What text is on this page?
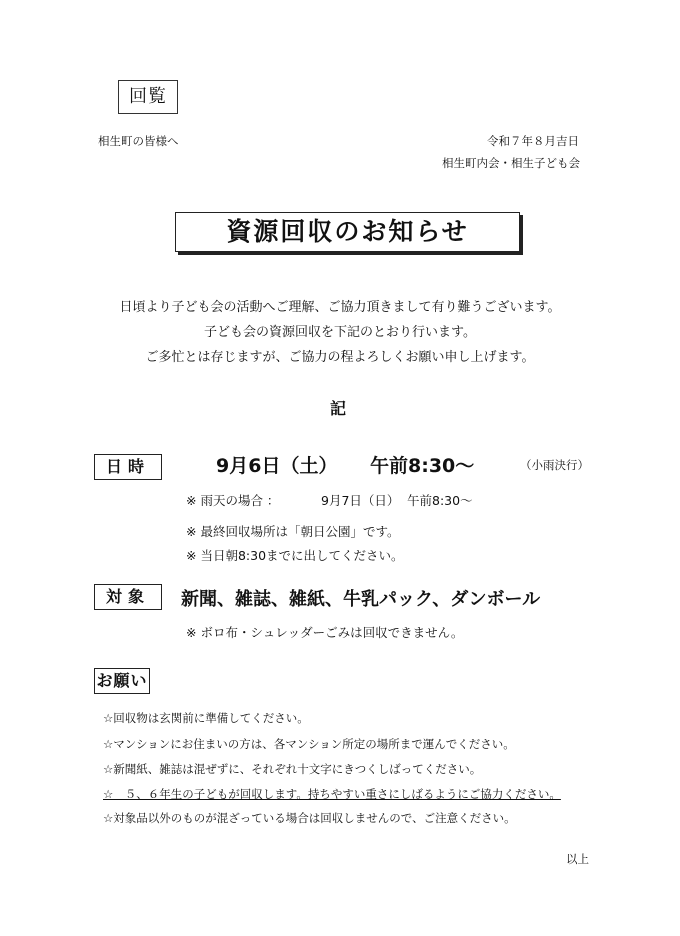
回覧
相生町の皆様へ	令和７年８月吉日
相生町内会・相生子ども会
資源回収のお知らせ
日頃より子ども会の活動へご理解、ご協力頂きまして有り難うございます。
子ども会の資源回収を下記のとおり行います。
ご多忙とは存じますが、ご協力の程よろしくお願い申し上げます。
記
日時	9月6日（土） 午前8:30～	（小雨決行）
※ 雨天の場合 ：	9月7日（日） 午前8:30～
※ 最終回収場所は「朝日公園」です。
※ 当日朝8:30までに出してください。
対象	新聞、雑誌、雑紙、牛乳パック、ダンボール
※ ボロ布・シュレッダーごみは回収できません。
お願い
☆回収物は玄関前に準備してください。
☆マンションにお住まいの方は、各マンション所定の場所まで運んでください。
☆新聞紙、雑誌は混ぜずに、それぞれ十文字にきつくしばってください。
☆　５、６年生の子どもが回収します。持ちやすい重さにしばるようにご協力ください。
☆対象品以外のものが混ざっている場合は回収しませんので、ご注意ください。
以上
